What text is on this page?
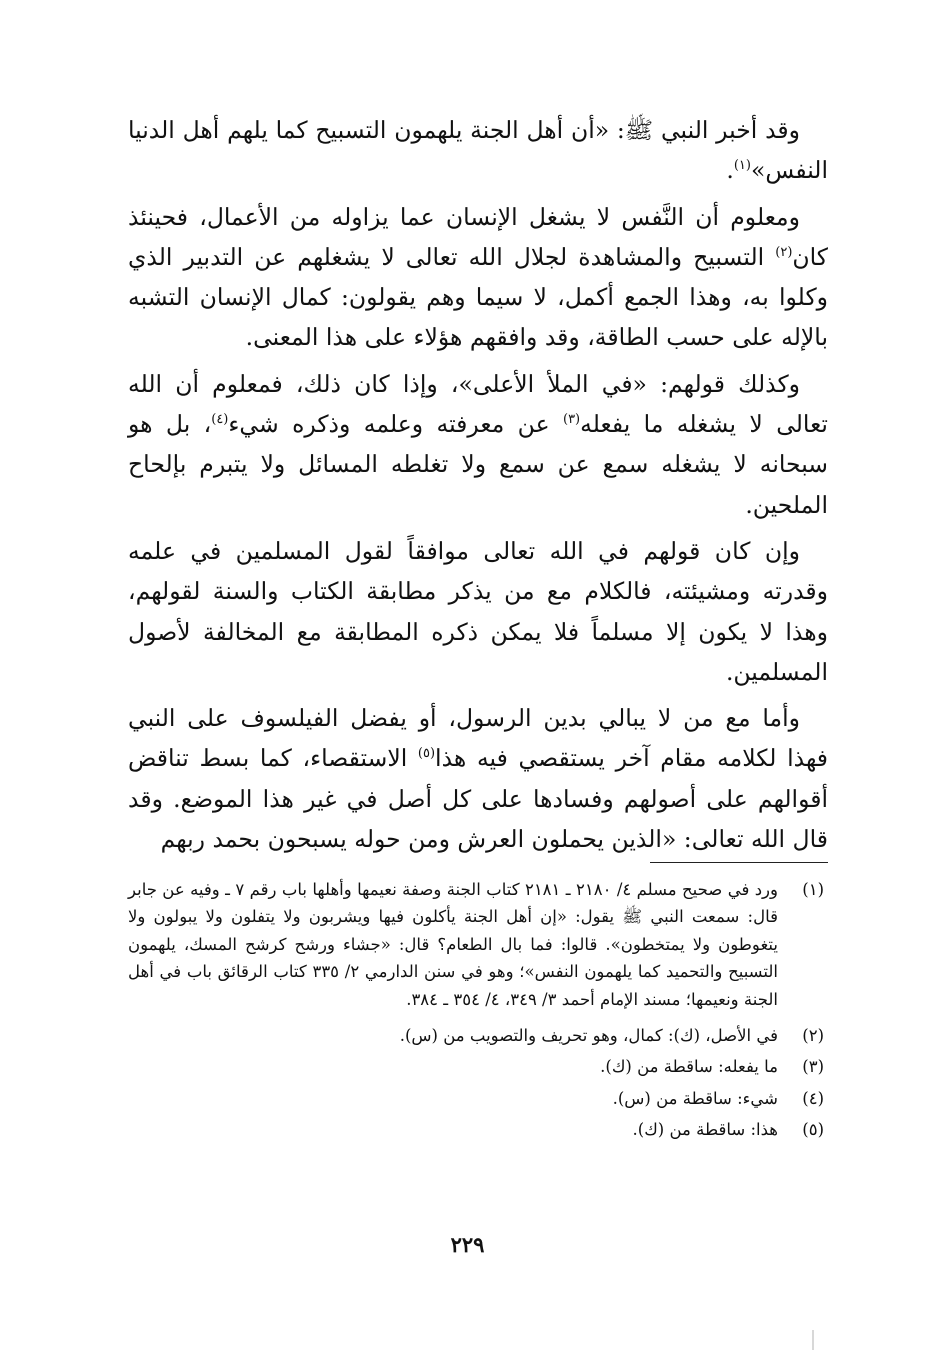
وقد أخبر النبي ﷺ: «أن أهل الجنة يلهمون التسبيح كما يلهم أهل الدنيا النفس»$^{(١)}$.

ومعلوم أن النَّفس لا يشغل الإنسان عما يزاوله من الأعمال، فحينئذ كان$^{(٢)}$ التسبيح والمشاهدة لجلال الله تعالى لا يشغلهم عن التدبير الذي وكلوا به، وهذا الجمع أكمل، لا سيما وهم يقولون: كمال الإنسان التشبه بالإله على حسب الطاقة، وقد وافقهم هؤلاء على هذا المعنى.

وكذلك قولهم: «في الملأ الأعلى»، وإذا كان ذلك، فمعلوم أن الله تعالى لا يشغله ما يفعله$^{(٣)}$ عن معرفته وعلمه وذكره شيء$^{(٤)}$، بل هو سبحانه لا يشغله سمع عن سمع ولا تغلطه المسائل ولا يتبرم بإلحاح الملحين.

وإن كان قولهم في الله تعالى موافقاً لقول المسلمين في علمه وقدرته ومشيئته، فالكلام مع من يذكر مطابقة الكتاب والسنة لقولهم، وهذا لا يكون إلا مسلماً فلا يمكن ذكره المطابقة مع المخالفة لأصول المسلمين.

وأما مع من لا يبالي بدين الرسول، أو يفضل الفيلسوف على النبي فهذا لكلامه مقام آخر يستقصي فيه هذا$^{(٥)}$ الاستقصاء، كما بسط تناقض أقوالهم على أصولهم وفسادها على كل أصل في غير هذا الموضع. وقد قال الله تعالى: «الذين يحملون العرش ومن حوله يسبحون بحمد ربهم

(١)
ورد في صحيح مسلم ٤/ ٢١٨٠ ـ ٢١٨١ كتاب الجنة وصفة نعيمها وأهلها باب رقم ٧ ـ وفيه عن جابر قال: سمعت النبي ﷺ يقول: «إن أهل الجنة يأكلون فيها ويشربون ولا يتفلون ولا يبولون ولا يتغوطون ولا يمتخطون». قالوا: فما بال الطعام؟ قال: «جشاء ورشح كرشح المسك، يلهمون التسبيح والتحميد كما يلهمون النفس»؛ وهو في سنن الدارمي ٢/ ٣٣٥ كتاب الرقائق باب في أهل الجنة ونعيمها؛ مسند الإمام أحمد ٣/ ٣٤٩، ٤/ ٣٥٤ ـ ٣٨٤.
(٢)
في الأصل، (ك): كمال، وهو تحريف والتصويب من (س).
(٣)
ما يفعله: ساقطة من (ك).
(٤)
شيء: ساقطة من (س).
(٥)
هذا: ساقطة من (ك).
٢٢٩
